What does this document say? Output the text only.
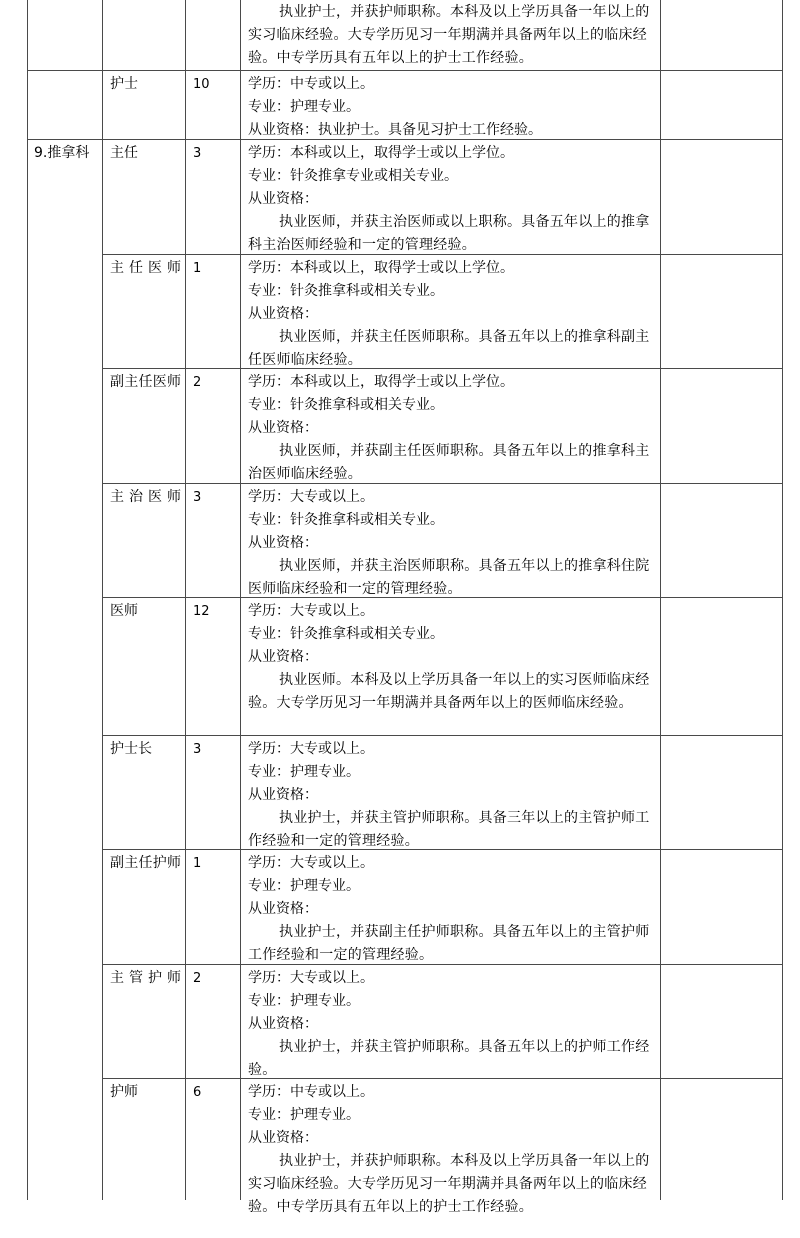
执业护士，并获护师职称。本科及以上学历具备一年以上的实习临床经验。大专学历见习一年期满并具备两年以上的临床经验。中专学历具有五年以上的护士工作经验。
护士	10	学历：中专或以上。
专业：护理专业。
从业资格：执业护士。具备见习护士工作经验。
9.推拿科	主任	3	学历：本科或以上，取得学士或以上学位。
专业：针灸推拿专业或相关专业。
从业资格：
执业医师，并获主治医师或以上职称。具备五年以上的推拿科主治医师经验和一定的管理经验。
主任医师 1	学历：本科或以上，取得学士或以上学位。
专业：针灸推拿科或相关专业。
从业资格：
执业医师，并获主任医师职称。具备五年以上的推拿科副主任医师临床经验。
副主任医师 2	学历：本科或以上，取得学士或以上学位。
专业：针灸推拿科或相关专业。
从业资格：
执业医师，并获副主任医师职称。具备五年以上的推拿科主治医师临床经验。
主治医师 3	学历：大专或以上。
专业：针灸推拿科或相关专业。
从业资格：
执业医师，并获主治医师职称。具备五年以上的推拿科住院医师临床经验和一定的管理经验。
医师	12	学历：大专或以上。
专业：针灸推拿科或相关专业。
从业资格：
执业医师。本科及以上学历具备一年以上的实习医师临床经验。大专学历见习一年期满并具备两年以上的医师临床经验。
护士长	3	学历：大专或以上。
专业：护理专业。
从业资格：
执业护士，并获主管护师职称。具备三年以上的主管护师工作经验和一定的管理经验。
副主任护师 1	学历：大专或以上。
专业：护理专业。
从业资格：
执业护士，并获副主任护师职称。具备五年以上的主管护师工作经验和一定的管理经验。
主管护师 2	学历：大专或以上。
专业：护理专业。
从业资格：
执业护士，并获主管护师职称。具备五年以上的护师工作经验。
护师	6	学历：中专或以上。
专业：护理专业。
从业资格：
执业护士，并获护师职称。本科及以上学历具备一年以上的实习临床经验。大专学历见习一年期满并具备两年以上的临床经验。中专学历具有五年以上的护士工作经验。
